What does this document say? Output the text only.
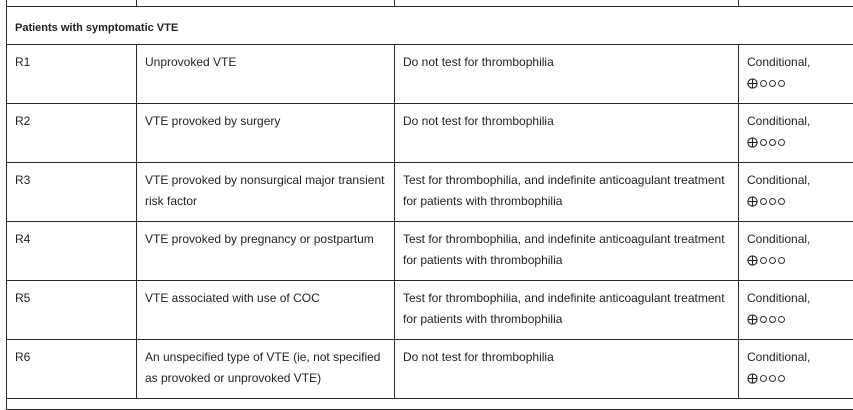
Patients with symptomatic VTE			

R1	Unprovoked VTE	Do not test for thrombophilia	Conditional,

R2	VTE provoked by surgery	Do not test for thrombophilia	Conditional,

R3	VTE provoked by nonsurgical major transient risk factor	Test for thrombophilia, and indefinite anticoagulant treatment for patients with thrombophilia	Conditional,

R4	VTE provoked by pregnancy or postpartum	Test for thrombophilia, and indefinite anticoagulant treatment for patients with thrombophilia	Conditional,

R5	VTE associated with use of COC	Test for thrombophilia, and indefinite anticoagulant treatment for patients with thrombophilia	Conditional,

R6	An unspecified type of VTE (ie, not specified as provoked or unprovoked VTE)	Do not test for thrombophilia	Conditional,
